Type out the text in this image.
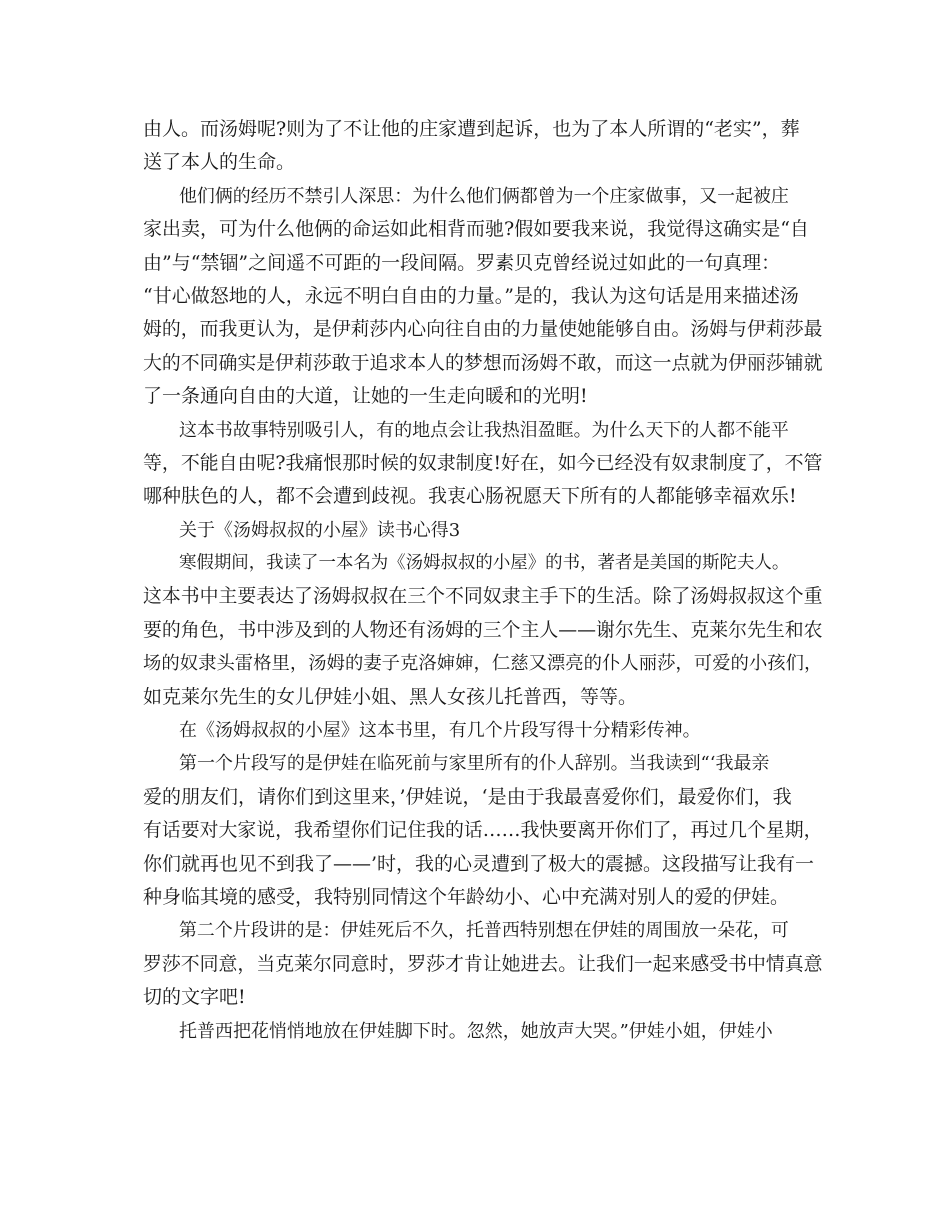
由人。而汤姆呢?则为了不让他的庄家遭到起诉，也为了本人所谓的“老实”，葬
送了本人的生命。
他们俩的经历不禁引人深思：为什么他们俩都曾为一个庄家做事，又一起被庄
家出卖，可为什么他俩的命运如此相背而驰?假如要我来说，我觉得这确实是“自
由”与“禁锢”之间遥不可距的一段间隔。罗素贝克曾经说过如此的一句真理：
“甘心做怒地的人，永远不明白自由的力量。”是的，我认为这句话是用来描述汤
姆的，而我更认为，是伊莉莎内心向往自由的力量使她能够自由。汤姆与伊莉莎最
大的不同确实是伊莉莎敢于追求本人的梦想而汤姆不敢，而这一点就为伊丽莎铺就
了一条通向自由的大道，让她的一生走向暖和的光明!
这本书故事特别吸引人，有的地点会让我热泪盈眶。为什么天下的人都不能平
等，不能自由呢?我痛恨那时候的奴隶制度!好在，如今已经没有奴隶制度了，不管
哪种肤色的人，都不会遭到歧视。我衷心肠祝愿天下所有的人都能够幸福欢乐!
关于《汤姆叔叔的小屋》读书心得3
寒假期间，我读了一本名为《汤姆叔叔的小屋》的书，著者是美国的斯陀夫人。
这本书中主要表达了汤姆叔叔在三个不同奴隶主手下的生活。除了汤姆叔叔这个重
要的角色，书中涉及到的人物还有汤姆的三个主人——谢尔先生、克莱尔先生和农
场的奴隶头雷格里，汤姆的妻子克洛婶婶，仁慈又漂亮的仆人丽莎，可爱的小孩们，
如克莱尔先生的女儿伊娃小姐、黑人女孩儿托普西，等等。
在《汤姆叔叔的小屋》这本书里，有几个片段写得十分精彩传神。
第一个片段写的是伊娃在临死前与家里所有的仆人辞别。当我读到“‘我最亲
爱的朋友们，请你们到这里来，’伊娃说，‘是由于我最喜爱你们，最爱你们，我
有话要对大家说，我希望你们记住我的话……我快要离开你们了，再过几个星期，
你们就再也见不到我了——’时，我的心灵遭到了极大的震撼。这段描写让我有一
种身临其境的感受，我特别同情这个年龄幼小、心中充满对别人的爱的伊娃。
第二个片段讲的是：伊娃死后不久，托普西特别想在伊娃的周围放一朵花，可
罗莎不同意，当克莱尔同意时，罗莎才肯让她进去。让我们一起来感受书中情真意
切的文字吧!
托普西把花悄悄地放在伊娃脚下时。忽然，她放声大哭。”伊娃小姐，伊娃小
